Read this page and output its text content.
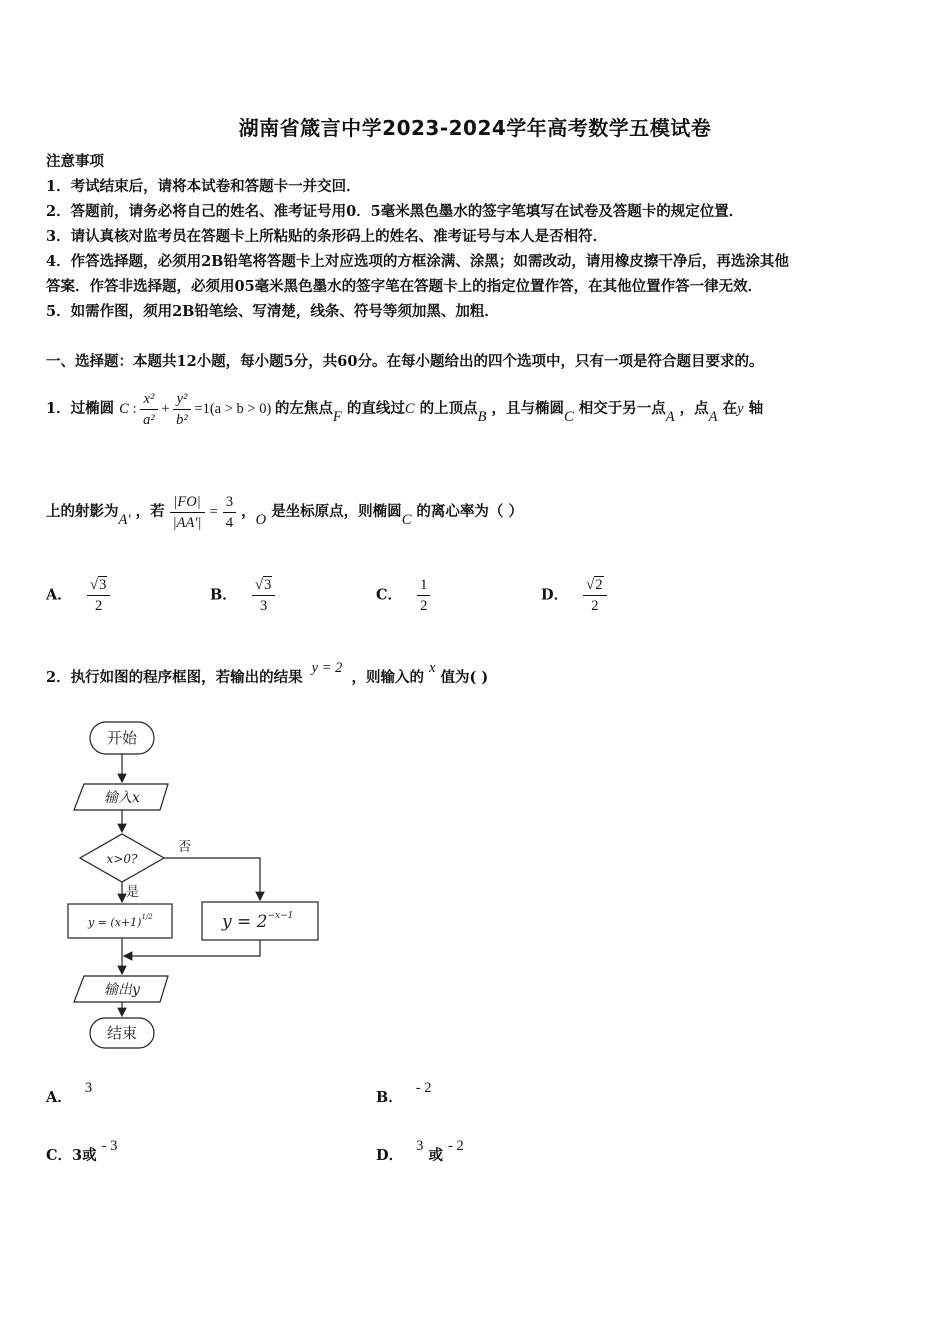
湖南省箴言中学2023-2024学年高考数学五模试卷
注意事项
1．考试结束后，请将本试卷和答题卡一并交回．
2．答题前，请务必将自己的姓名、准考证号用0．5毫米黑色墨水的签字笔填写在试卷及答题卡的规定位置．
3．请认真核对监考员在答题卡上所粘贴的条形码上的姓名、准考证号与本人是否相符．
4．作答选择题，必须用2B铅笔将答题卡上对应选项的方框涂满、涂黑；如需改动，请用橡皮擦干净后，再选涂其他
答案．作答非选择题，必须用05毫米黑色墨水的签字笔在答题卡上的指定位置作答，在其他位置作答一律无效．
5．如需作图，须用2B铅笔绘、写清楚，线条、符号等须加黑、加粗．
一、选择题：本题共12小题，每小题5分，共60分。在每小题给出的四个选项中，只有一项是符合题目要求的。
1．过椭圆 C : $\frac{\text{x²}}{\text{a²}} + \frac{\text{y²}}{\text{b²}} =1(a > b > 0)$ 的左焦点F 的直线过C 的上顶点B ，且与椭圆C 相交于另一点A ，点A 在y 轴
上的射影为A′ ，若 $\frac{|FO|}{|AA'|} = \frac{3}{4}$ ，O 是坐标原点，则椭圆C 的离心率为（ ）
A． $\frac{√3}{2}$	B． $\frac{√3}{3}$	C． $\frac{1}{2}$	D． $\frac{√2}{2}$
2．执行如图的程序框图，若输出的结果 y = 2 ，则输入的 x 值为( )
开始
输入x
x>0?
否
是
$y = (x+1)^{1/2}$	$y = 2^{-x-1}$
输出y
结束
A． 3
B． - 2
C．3或 - 3
D． 3 或 - 2
